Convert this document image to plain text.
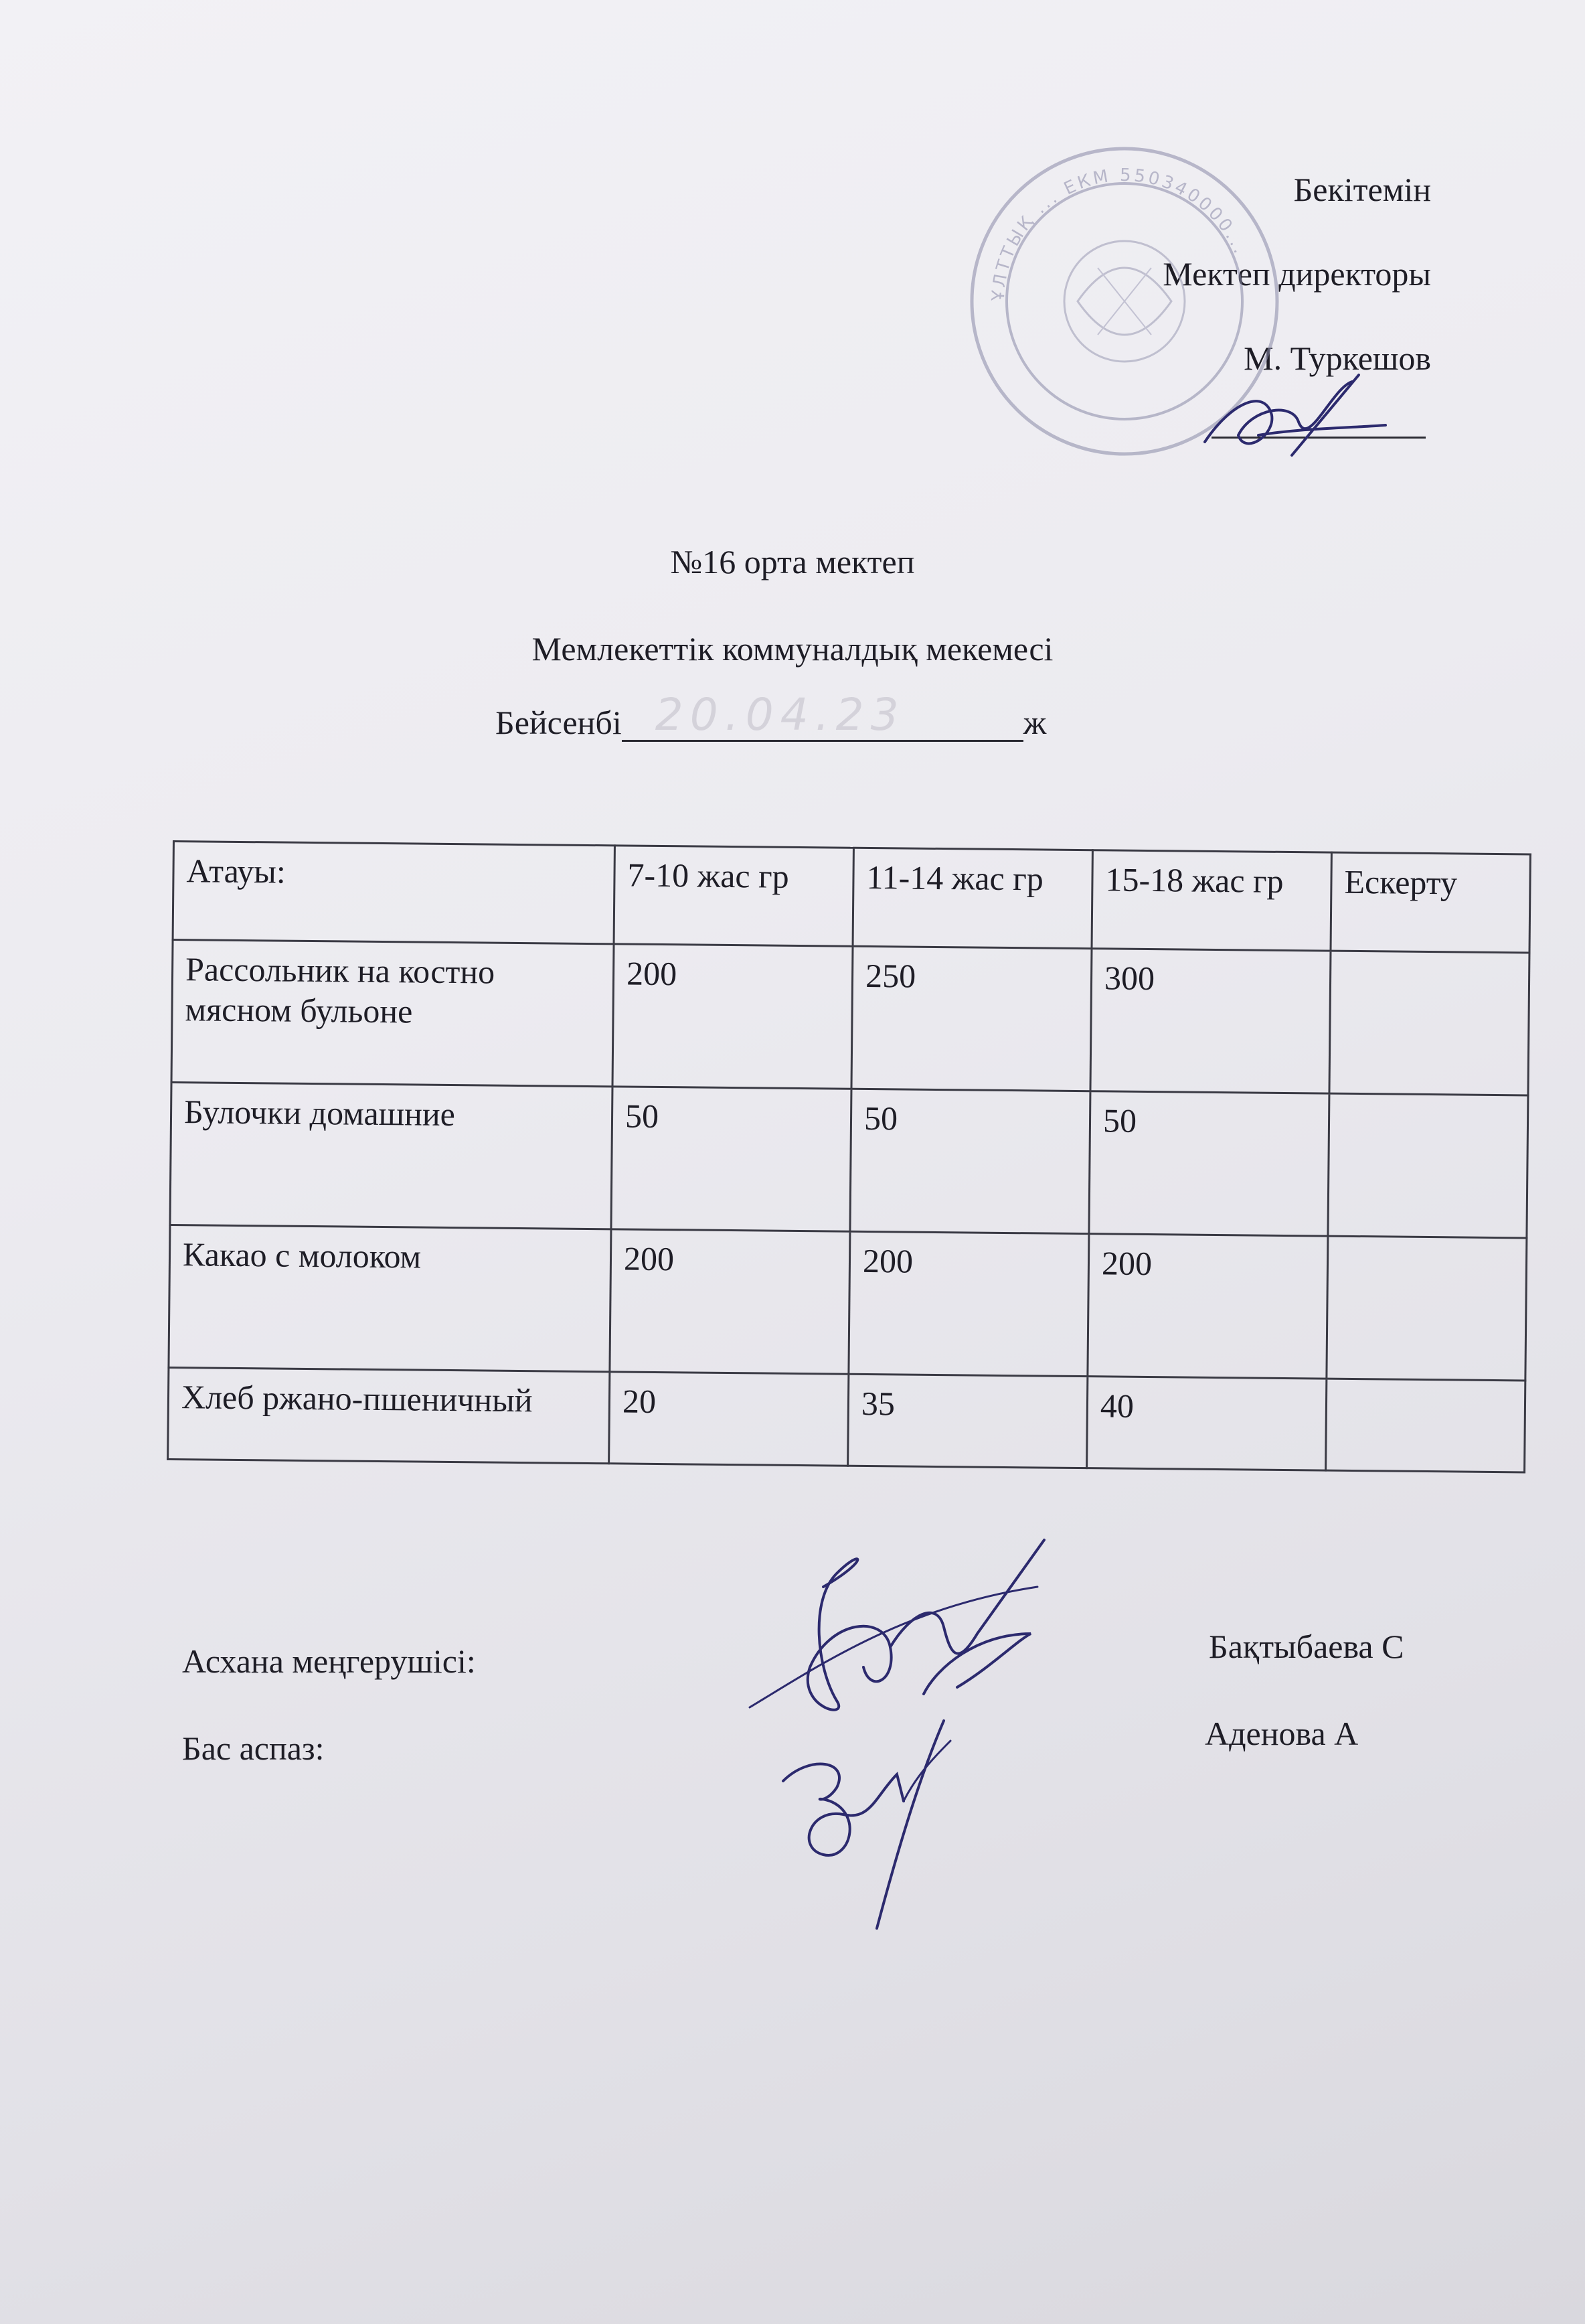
Бекітемін
Мектеп директоры
М. Туркешов
ҰЛТТЫҚ ... ЕКМ 550340000...
№16 орта мектеп
Мемлекеттік коммуналдық мекемесі
Бейсенбі 20.04.23	ж
Атауы:	7-10 жас гр	11-14 жас гр	15-18 жас гр	Ескерту
Рассольник на костно мясном бульоне	200	250	300	
Булочки домашние	50	50	50	
Какао с молоком	200	200	200	
Хлеб ржано-пшеничный	20	35	40	
Асхана меңгерушісі:	Бақтыбаева С
Бас аспаз:	Аденова А
